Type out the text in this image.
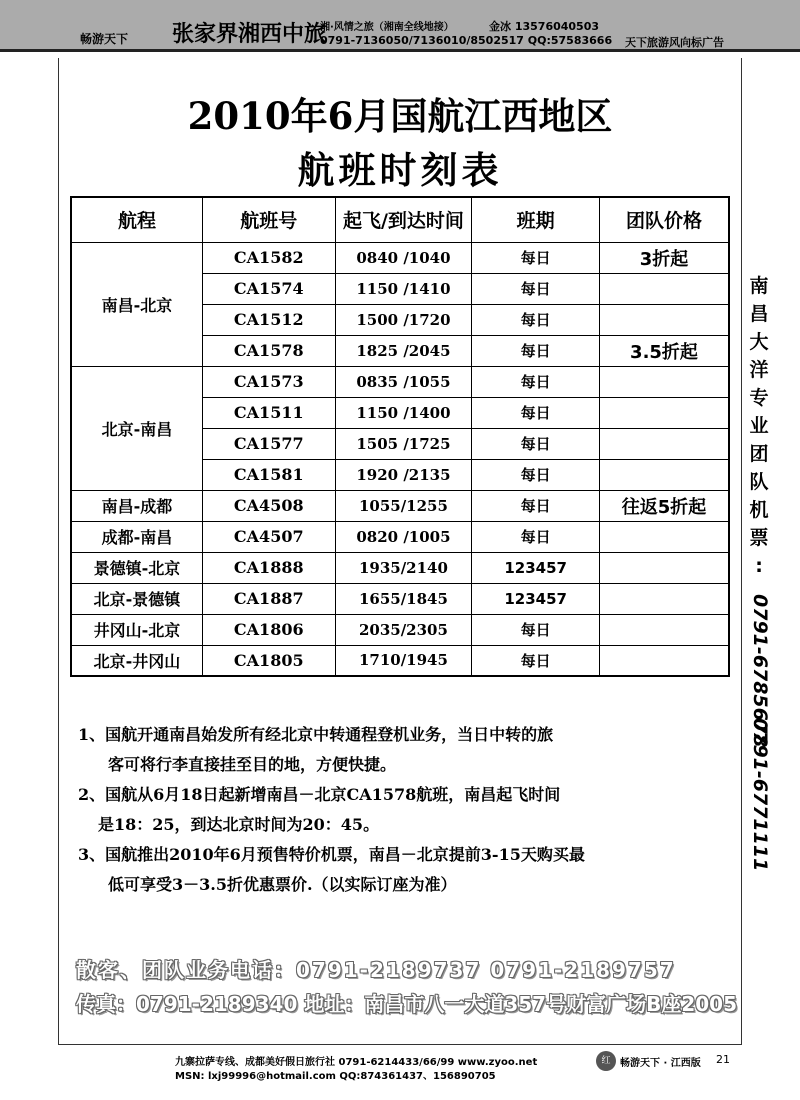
畅游天下 张家界湘西中旅
湘·风情之旅（湘南全线地接）	金冰 13576040503
0791-7136050/7136010/8502517 QQ:57583666 天下旅游风向标广告
2010年6月国航江西地区
航班时刻表
航程	航班号	起飞/到达时间	班期	团队价格
南昌-北京	CA1582	0840 /1040	每日	3折起
	CA1574	1150 /1410	每日	
	CA1512	1500 /1720	每日	
	CA1578	1825 /2045	每日	3.5折起
北京-南昌	CA1573	0835 /1055	每日	
	CA1511	1150 /1400	每日	
	CA1577	1505 /1725	每日	
	CA1581	1920 /2135	每日	
南昌-成都	CA4508	1055/1255	每日	往返5折起
成都-南昌	CA4507	0820 /1005	每日	
景德镇-北京	CA1888	1935/2140	123457	
北京-景德镇	CA1887	1655/1845	123457	
井冈山-北京	CA1806	2035/2305	每日	
北京-井冈山	CA1805	1710/1945	每日	
南
昌
大
洋
专
业
团
队
机
票
:
0791-6785678
0791-6771111

1、国航开通南昌始发所有经北京中转通程登机业务，当日中转的旅

客可将行李直接挂至目的地，方便快捷。

2、国航从6月18日起新增南昌－北京CA1578航班，南昌起飞时间

是18：25，到达北京时间为20：45。

3、国航推出2010年6月预售特价机票，南昌－北京提前3-15天购买最

低可享受3－3.5折优惠票价.（以实际订座为准）

散客、团队业务电话：0791-2189737 0791-2189757
传真：0791-2189340 地址：南昌市八一大道357号财富广场B座2005
九寨拉萨专线、成都美好假日旅行社 0791-6214433/66/99 www.zyoo.net
MSN: lxj99996@hotmail.com QQ:874361437、156890705
红 畅游天下 · 江西版 21
